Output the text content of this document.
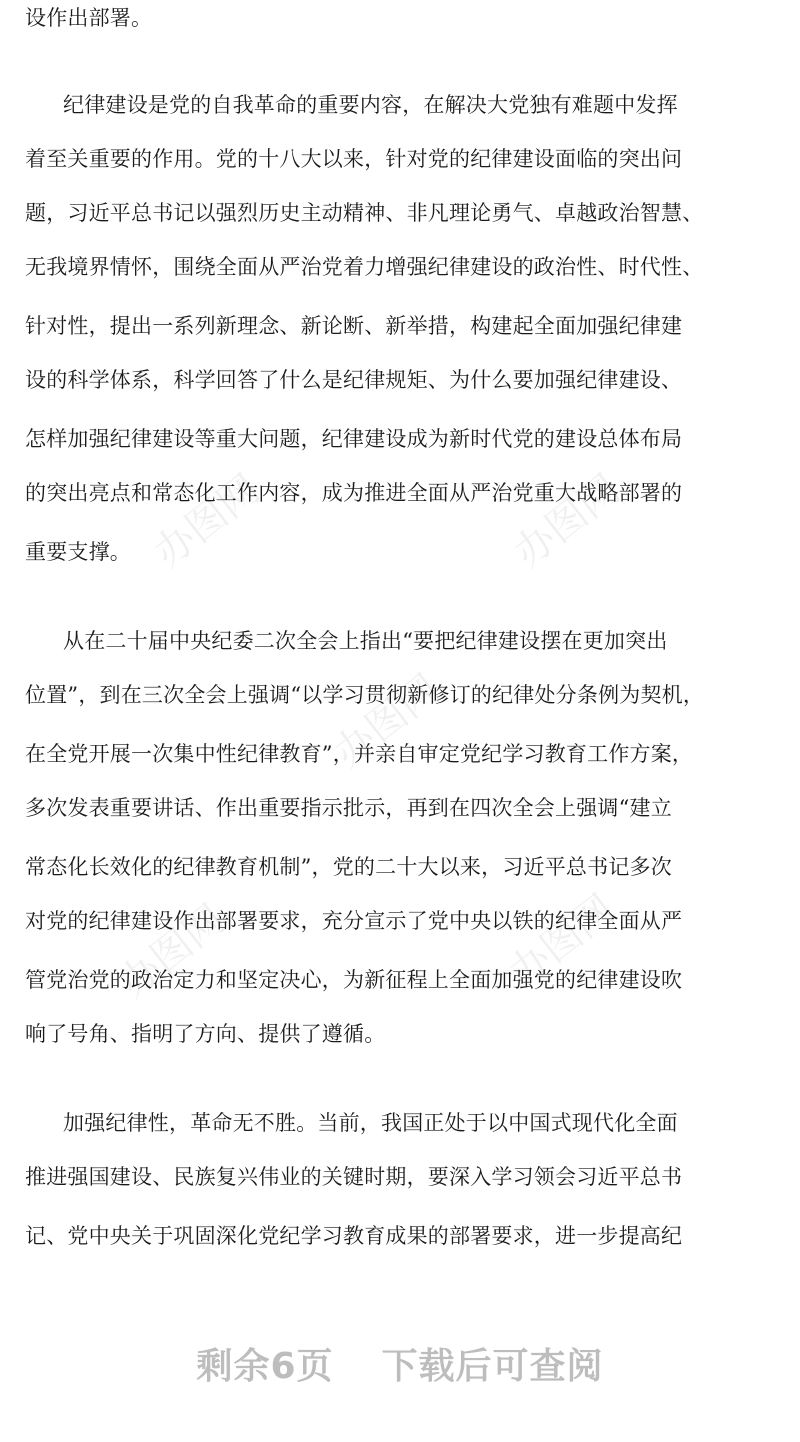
办图网	办图网
办图网
办图网	办图网
设作出部署。
纪律建设是党的自我革命的重要内容，在解决大党独有难题中发挥
着至关重要的作用。党的十八大以来，针对党的纪律建设面临的突出问
题，习近平总书记以强烈历史主动精神、非凡理论勇气、卓越政治智慧、
无我境界情怀，围绕全面从严治党着力增强纪律建设的政治性、时代性、
针对性，提出一系列新理念、新论断、新举措，构建起全面加强纪律建
设的科学体系，科学回答了什么是纪律规矩、为什么要加强纪律建设、
怎样加强纪律建设等重大问题，纪律建设成为新时代党的建设总体布局
的突出亮点和常态化工作内容，成为推进全面从严治党重大战略部署的
重要支撑。
从在二十届中央纪委二次全会上指出“要把纪律建设摆在更加突出
位置”，到在三次全会上强调“以学习贯彻新修订的纪律处分条例为契机，
在全党开展一次集中性纪律教育”，并亲自审定党纪学习教育工作方案，
多次发表重要讲话、作出重要指示批示，再到在四次全会上强调“建立
常态化长效化的纪律教育机制”，党的二十大以来，习近平总书记多次
对党的纪律建设作出部署要求，充分宣示了党中央以铁的纪律全面从严
管党治党的政治定力和坚定决心，为新征程上全面加强党的纪律建设吹
响了号角、指明了方向、提供了遵循。
加强纪律性，革命无不胜。当前，我国正处于以中国式现代化全面
推进强国建设、民族复兴伟业的关键时期，要深入学习领会习近平总书
记、党中央关于巩固深化党纪学习教育成果的部署要求，进一步提高纪
剩余6页 下载后可查阅
